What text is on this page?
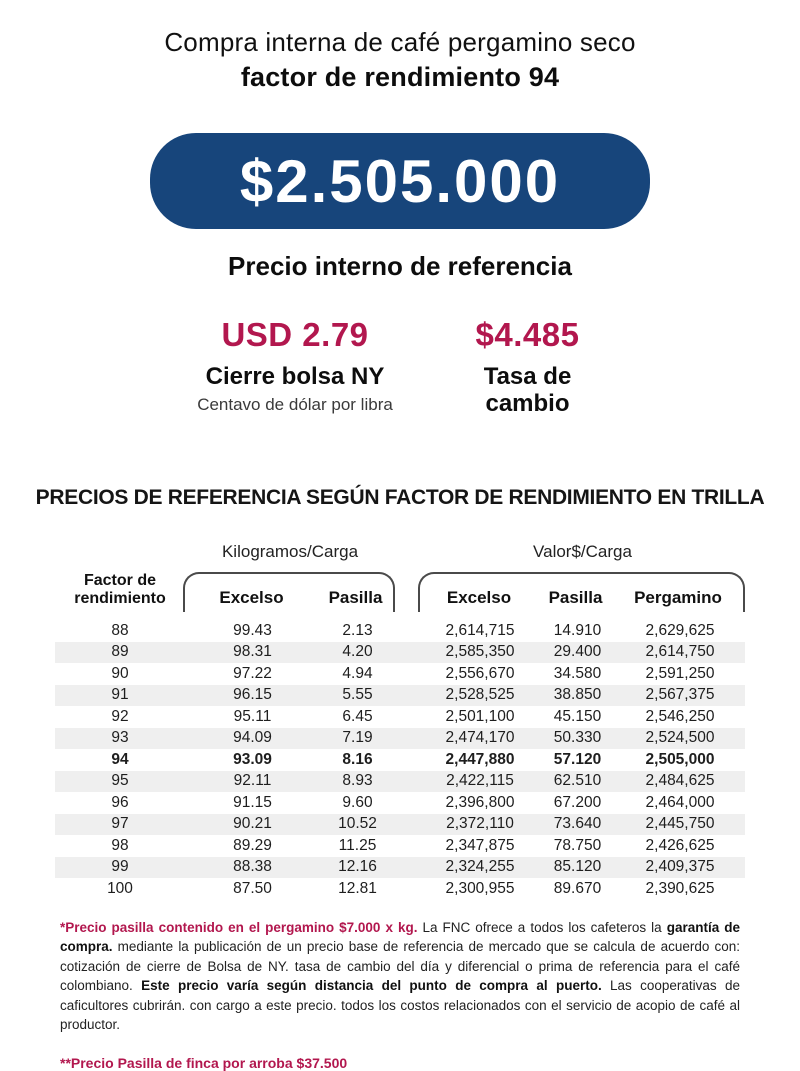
Compra interna de café pergamino seco
factor de rendimiento 94
$2.505.000
Precio interno de referencia
USD 2.79
Cierre bolsa NY
Centavo de dólar por libra
$4.485
Tasa de cambio
PRECIOS DE REFERENCIA SEGÚN FACTOR DE RENDIMIENTO EN TRILLA
Kilogramos/Carga	Valor$/Carga
Factor de rendimiento	Excelso	Pasilla	Excelso	Pasilla	Pergamino
88	99.43	2.13	2,614,715	14.910	2,629,625
89	98.31	4.20	2,585,350	29.400	2,614,750
90	97.22	4.94	2,556,670	34.580	2,591,250
91	96.15	5.55	2,528,525	38.850	2,567,375
92	95.11	6.45	2,501,100	45.150	2,546,250
93	94.09	7.19	2,474,170	50.330	2,524,500
94	93.09	8.16	2,447,880	57.120	2,505,000
95	92.11	8.93	2,422,115	62.510	2,484,625
96	91.15	9.60	2,396,800	67.200	2,464,000
97	90.21	10.52	2,372,110	73.640	2,445,750
98	89.29	11.25	2,347,875	78.750	2,426,625
99	88.38	12.16	2,324,255	85.120	2,409,375
100	87.50	12.81	2,300,955	89.670	2,390,625

*Precio pasilla contenido en el pergamino $7.000 x kg. La FNC ofrece a todos los cafeteros la garantía de compra. mediante la publicación de un precio base de referencia de mercado que se calcula de acuerdo con: cotización de cierre de Bolsa de NY. tasa de cambio del día y diferencial o prima de referencia para el café colombiano. Este precio varía según distancia del punto de compra al puerto. Las cooperativas de caficultores cubrirán. con cargo a este precio. todos los costos relacionados con el servicio de acopio de café al productor.

**Precio Pasilla de finca por arroba $37.500
